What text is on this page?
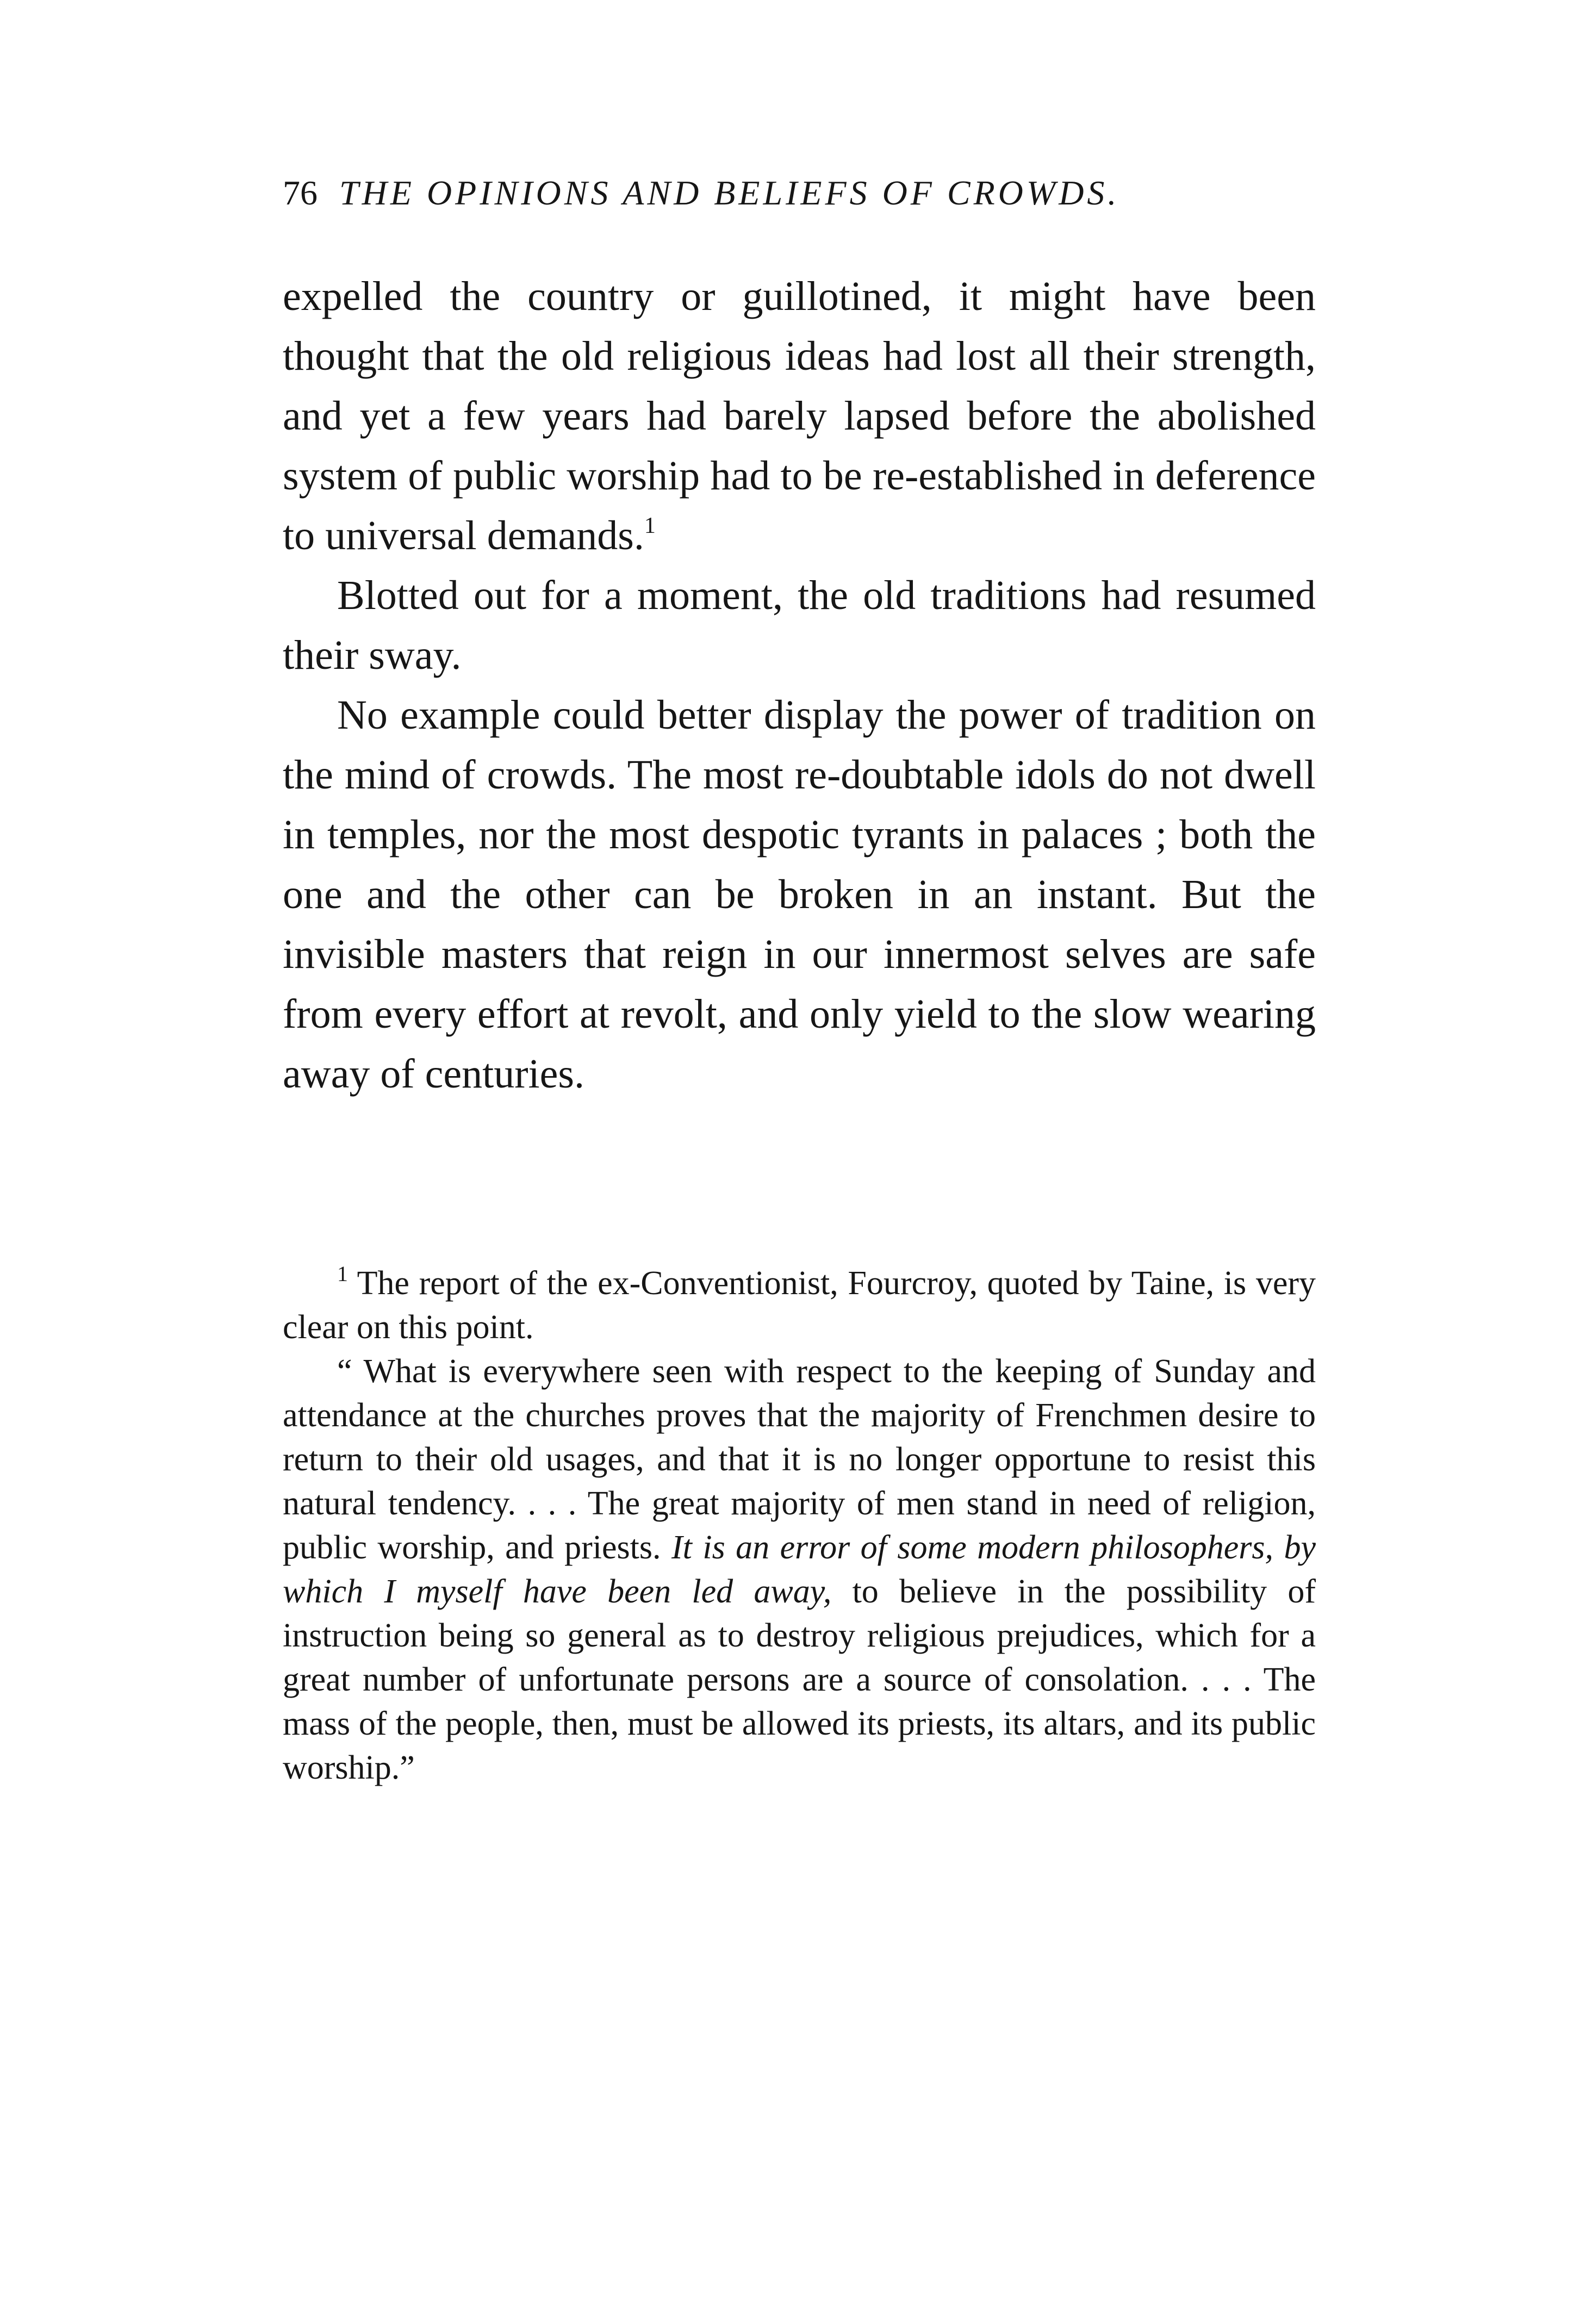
76 THE OPINIONS AND BELIEFS OF CROWDS.

expelled the country or guillotined, it might have been thought that the old religious ideas had lost all their strength, and yet a few years had barely lapsed before the abolished system of public worship had to be re-established in deference to universal demands.$^1$

Blotted out for a moment, the old traditions had resumed their sway.

No example could better display the power of tradition on the mind of crowds. The most re-doubtable idols do not dwell in temples, nor the most despotic tyrants in palaces ; both the one and the other can be broken in an instant. But the invisible masters that reign in our innermost selves are safe from every effort at revolt, and only yield to the slow wearing away of centuries.

$^1$ The report of the ex-Conventionist, Fourcroy, quoted by Taine, is very clear on this point.

“ What is everywhere seen with respect to the keeping of Sunday and attendance at the churches proves that the majority of Frenchmen desire to return to their old usages, and that it is no longer opportune to resist this natural tendency. . . . The great majority of men stand in need of religion, public worship, and priests. It is an error of some modern philosophers, by which I myself have been led away, to believe in the possibility of instruction being so general as to destroy religious prejudices, which for a great number of unfortunate persons are a source of consolation. . . . The mass of the people, then, must be allowed its priests, its altars, and its public worship.”
